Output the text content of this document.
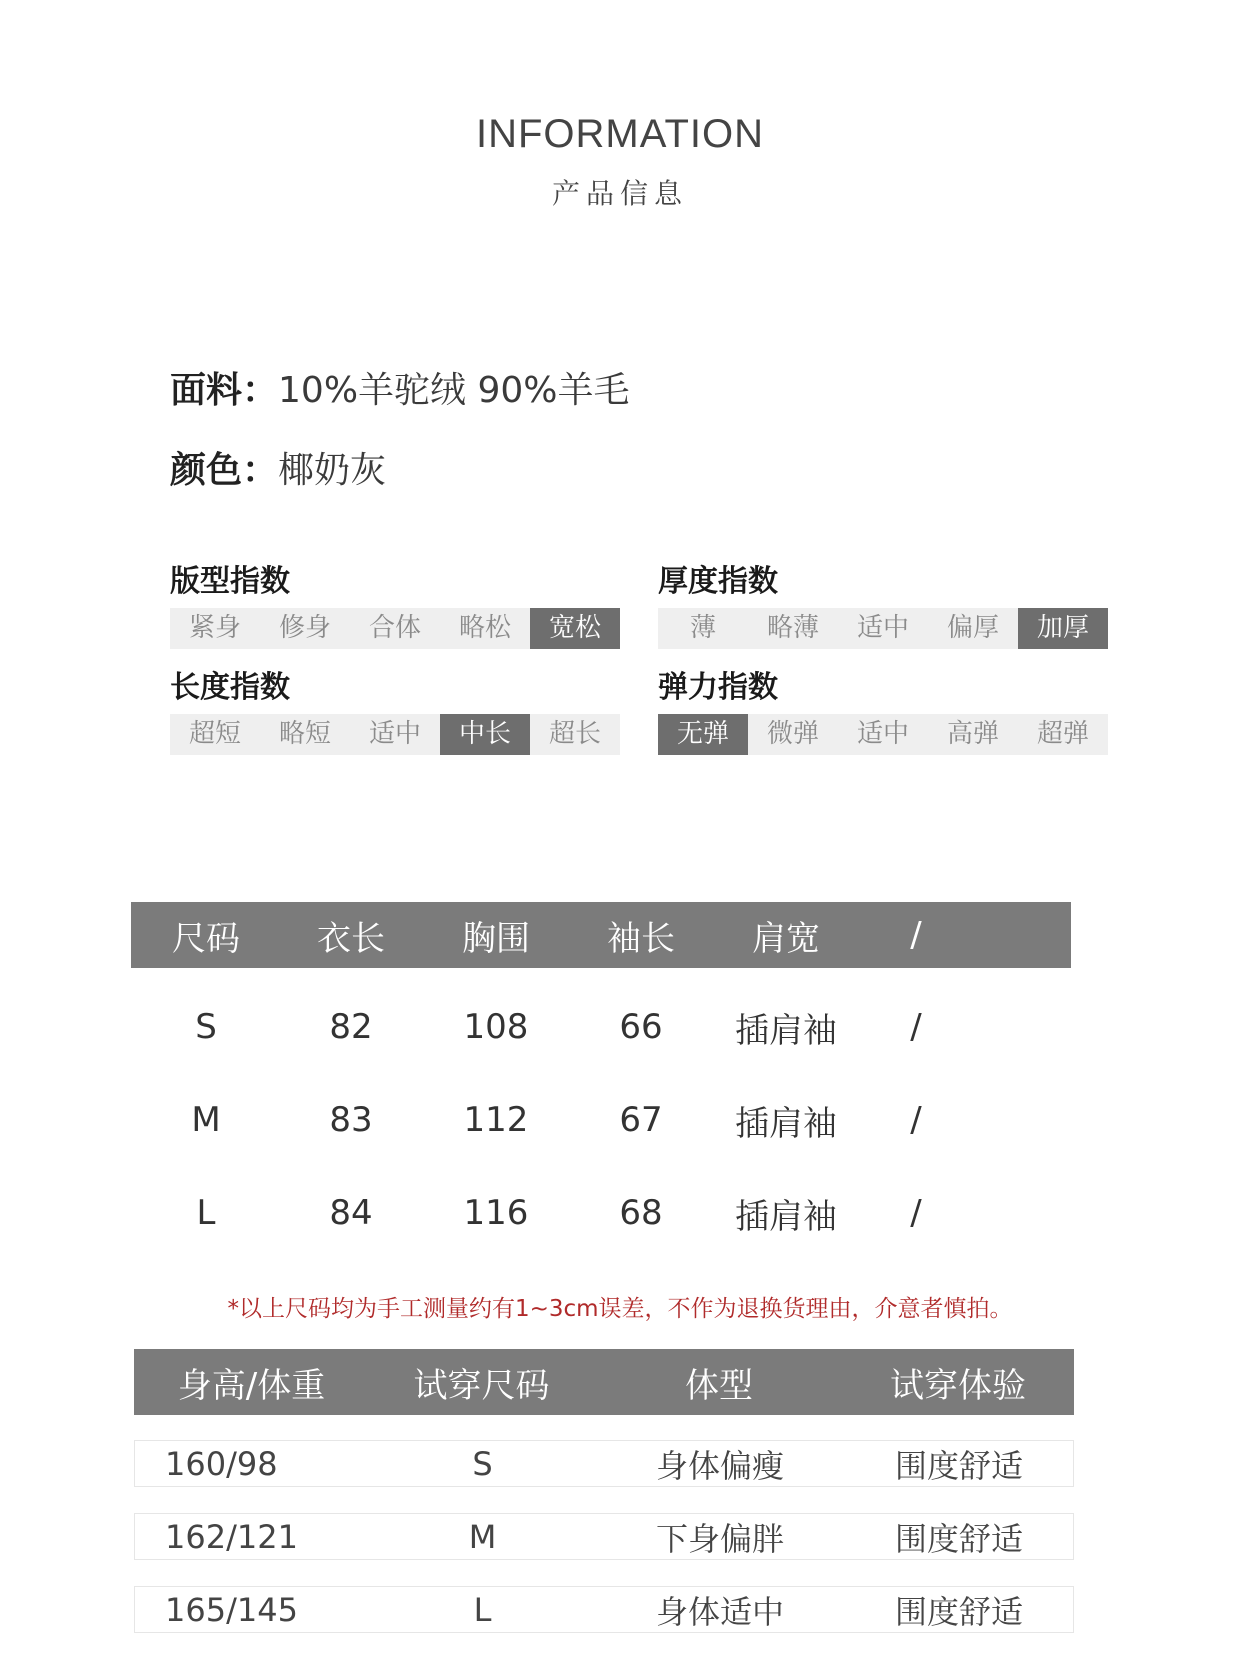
INFORMATION
产品信息
面料：10%羊驼绒 90%羊毛
颜色：椰奶灰
版型指数
紧身	修身	合体	略松	宽松
厚度指数
薄	略薄	适中	偏厚	加厚
长度指数
超短	略短	适中	中长	超长
弹力指数
无弹	微弹	适中	高弹	超弹
尺码	衣长	胸围	袖长	肩宽	/
S	82	108	66	插肩袖	/
M	83	112	67	插肩袖	/
L	84	116	68	插肩袖	/
*以上尺码均为手工测量约有1~3cm误差，不作为退换货理由，介意者慎拍。
身高/体重	试穿尺码	体型	试穿体验
160/98	S	身体偏瘦	围度舒适
162/121	M	下身偏胖	围度舒适
165/145	L	身体适中	围度舒适
